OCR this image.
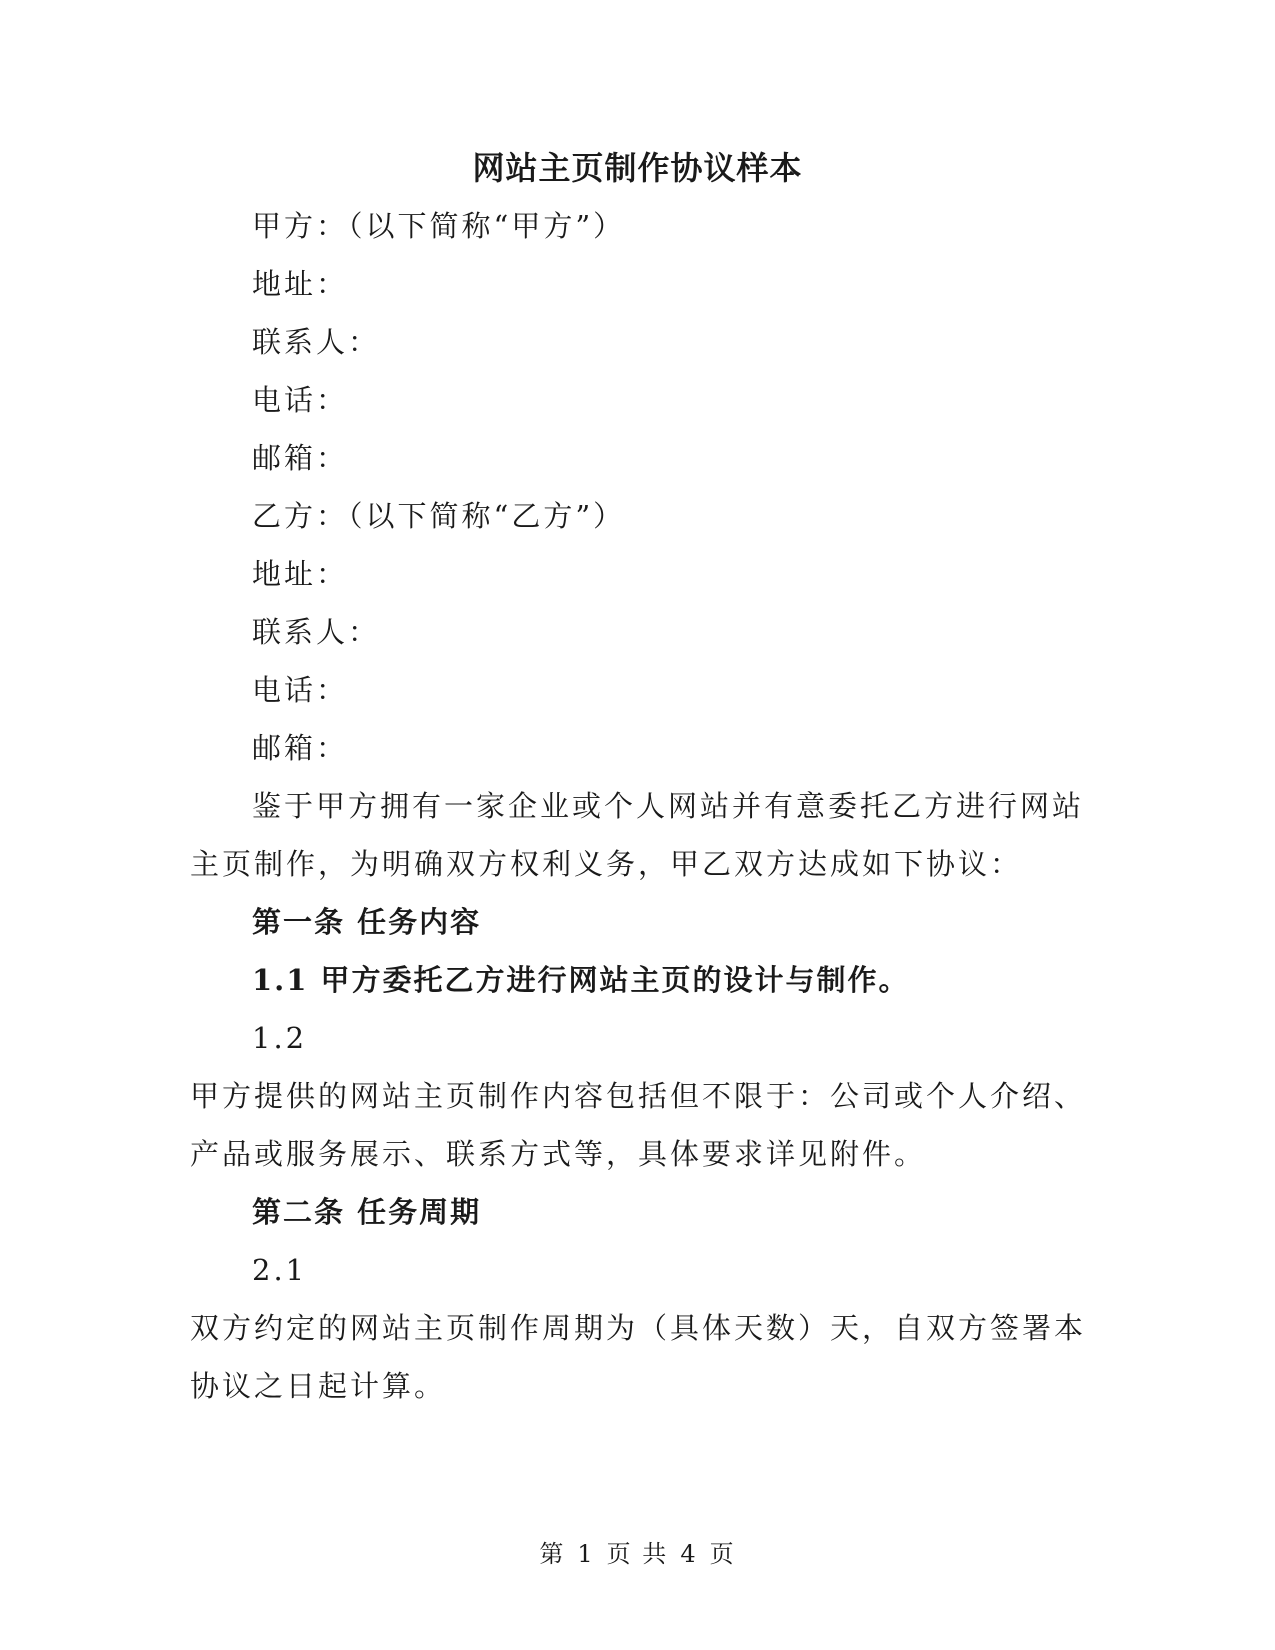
网站主页制作协议样本
甲方：（以下简称“甲方”）
地址：
联系人：
电话：
邮箱：
乙方：（以下简称“乙方”）
地址：
联系人：
电话：
邮箱：
鉴于甲方拥有一家企业或个人网站并有意委托乙方进行网站
主页制作，为明确双方权利义务，甲乙双方达成如下协议：
第一条 任务内容
1.1 甲方委托乙方进行网站主页的设计与制作。
1.2
甲方提供的网站主页制作内容包括但不限于：公司或个人介绍、
产品或服务展示、联系方式等，具体要求详见附件。
第二条 任务周期
2.1
双方约定的网站主页制作周期为（具体天数）天，自双方签署本
协议之日起计算。
第 1 页 共 4 页
